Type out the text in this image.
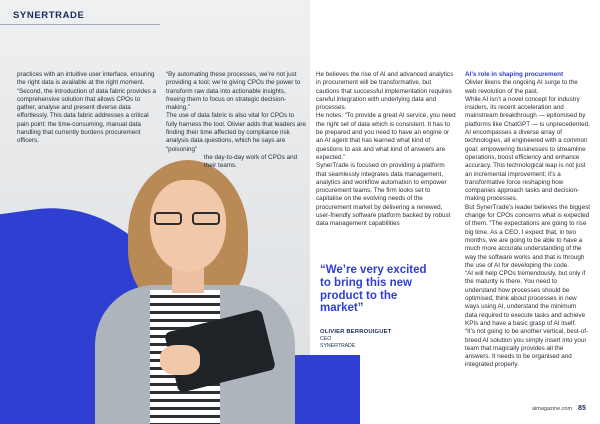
SYNERTRADE

practices with an intuitive user interface, ensuring the right data is available at the right moment.

“Second, the introduction of data fabric provides a comprehensive solution that allows CPOs to gather, analyse and present diverse data effortlessly. This data fabric addresses a critical pain point: the time-consuming, manual data handling that currently burdens procurement officers.

“By automating these processes, we’re not just providing a tool; we’re giving CPOs the power to transform raw data into actionable insights, freeing them to focus on strategic decision-making.”

The use of data fabric is also vital for CPOs to fully harness the tool. Olivier adds that leaders are finding their time affected by compliance risk analysis data questions, which he says are “poisoning”

the day-to-day work of CPOs and their teams.

He believes the rise of AI and advanced analytics in procurement will be transformative, but cautions that successful implementation requires careful integration with underlying data and processes.

He notes: “To provide a great AI service, you need the right set of data which is consistent. It has to be prepared and you need to have an engine or an AI agent that has learned what kind of questions to ask and what kind of answers are expected.”

SynerTrade is focused on providing a platform that seamlessly integrates data management, analytics and workflow automation to empower procurement teams. The firm looks set to capitalise on the evolving needs of the procurement market by delivering a renewed, user-friendly software platform backed by robust data management capabilities

“We’re very excited to bring this new product to the market”
OLIVIER BERROUIGUET
CEO
SYNERTRADE

AI’s role in shaping procurement

Olivier likens the ongoing AI surge to the web revolution of the past.

While AI isn’t a novel concept for industry insiders, its recent acceleration and mainstream breakthrough — epitomised by platforms like ChatGPT — is unprecedented.

AI encompasses a diverse array of technologies, all engineered with a common goal: empowering businesses to streamline operations, boost efficiency and enhance accuracy. This technological leap is not just an incremental improvement; it’s a transformative force reshaping how companies approach tasks and decision-making processes.

But SynerTrade’s leader believes the biggest change for CPOs concerns what is expected of them. “The expectations are going to rise big time. As a CEO, I expect that, in two months, we are going to be able to have a much more accurate understanding of the way the software works and that is through the use of AI for developing the code.

“AI will help CPOs tremendously, but only if the maturity is there. You need to understand how processes should be optimised, think about processes in new ways using AI, understand the minimum data required to execute tasks and achieve KPIs and have a basic grasp of AI itself.

“It’s not going to be another vertical, best-of-breed AI solution you simply insert into your team that magically provides all the answers. It needs to be organised and integrated properly.

aimagazine.com 85
